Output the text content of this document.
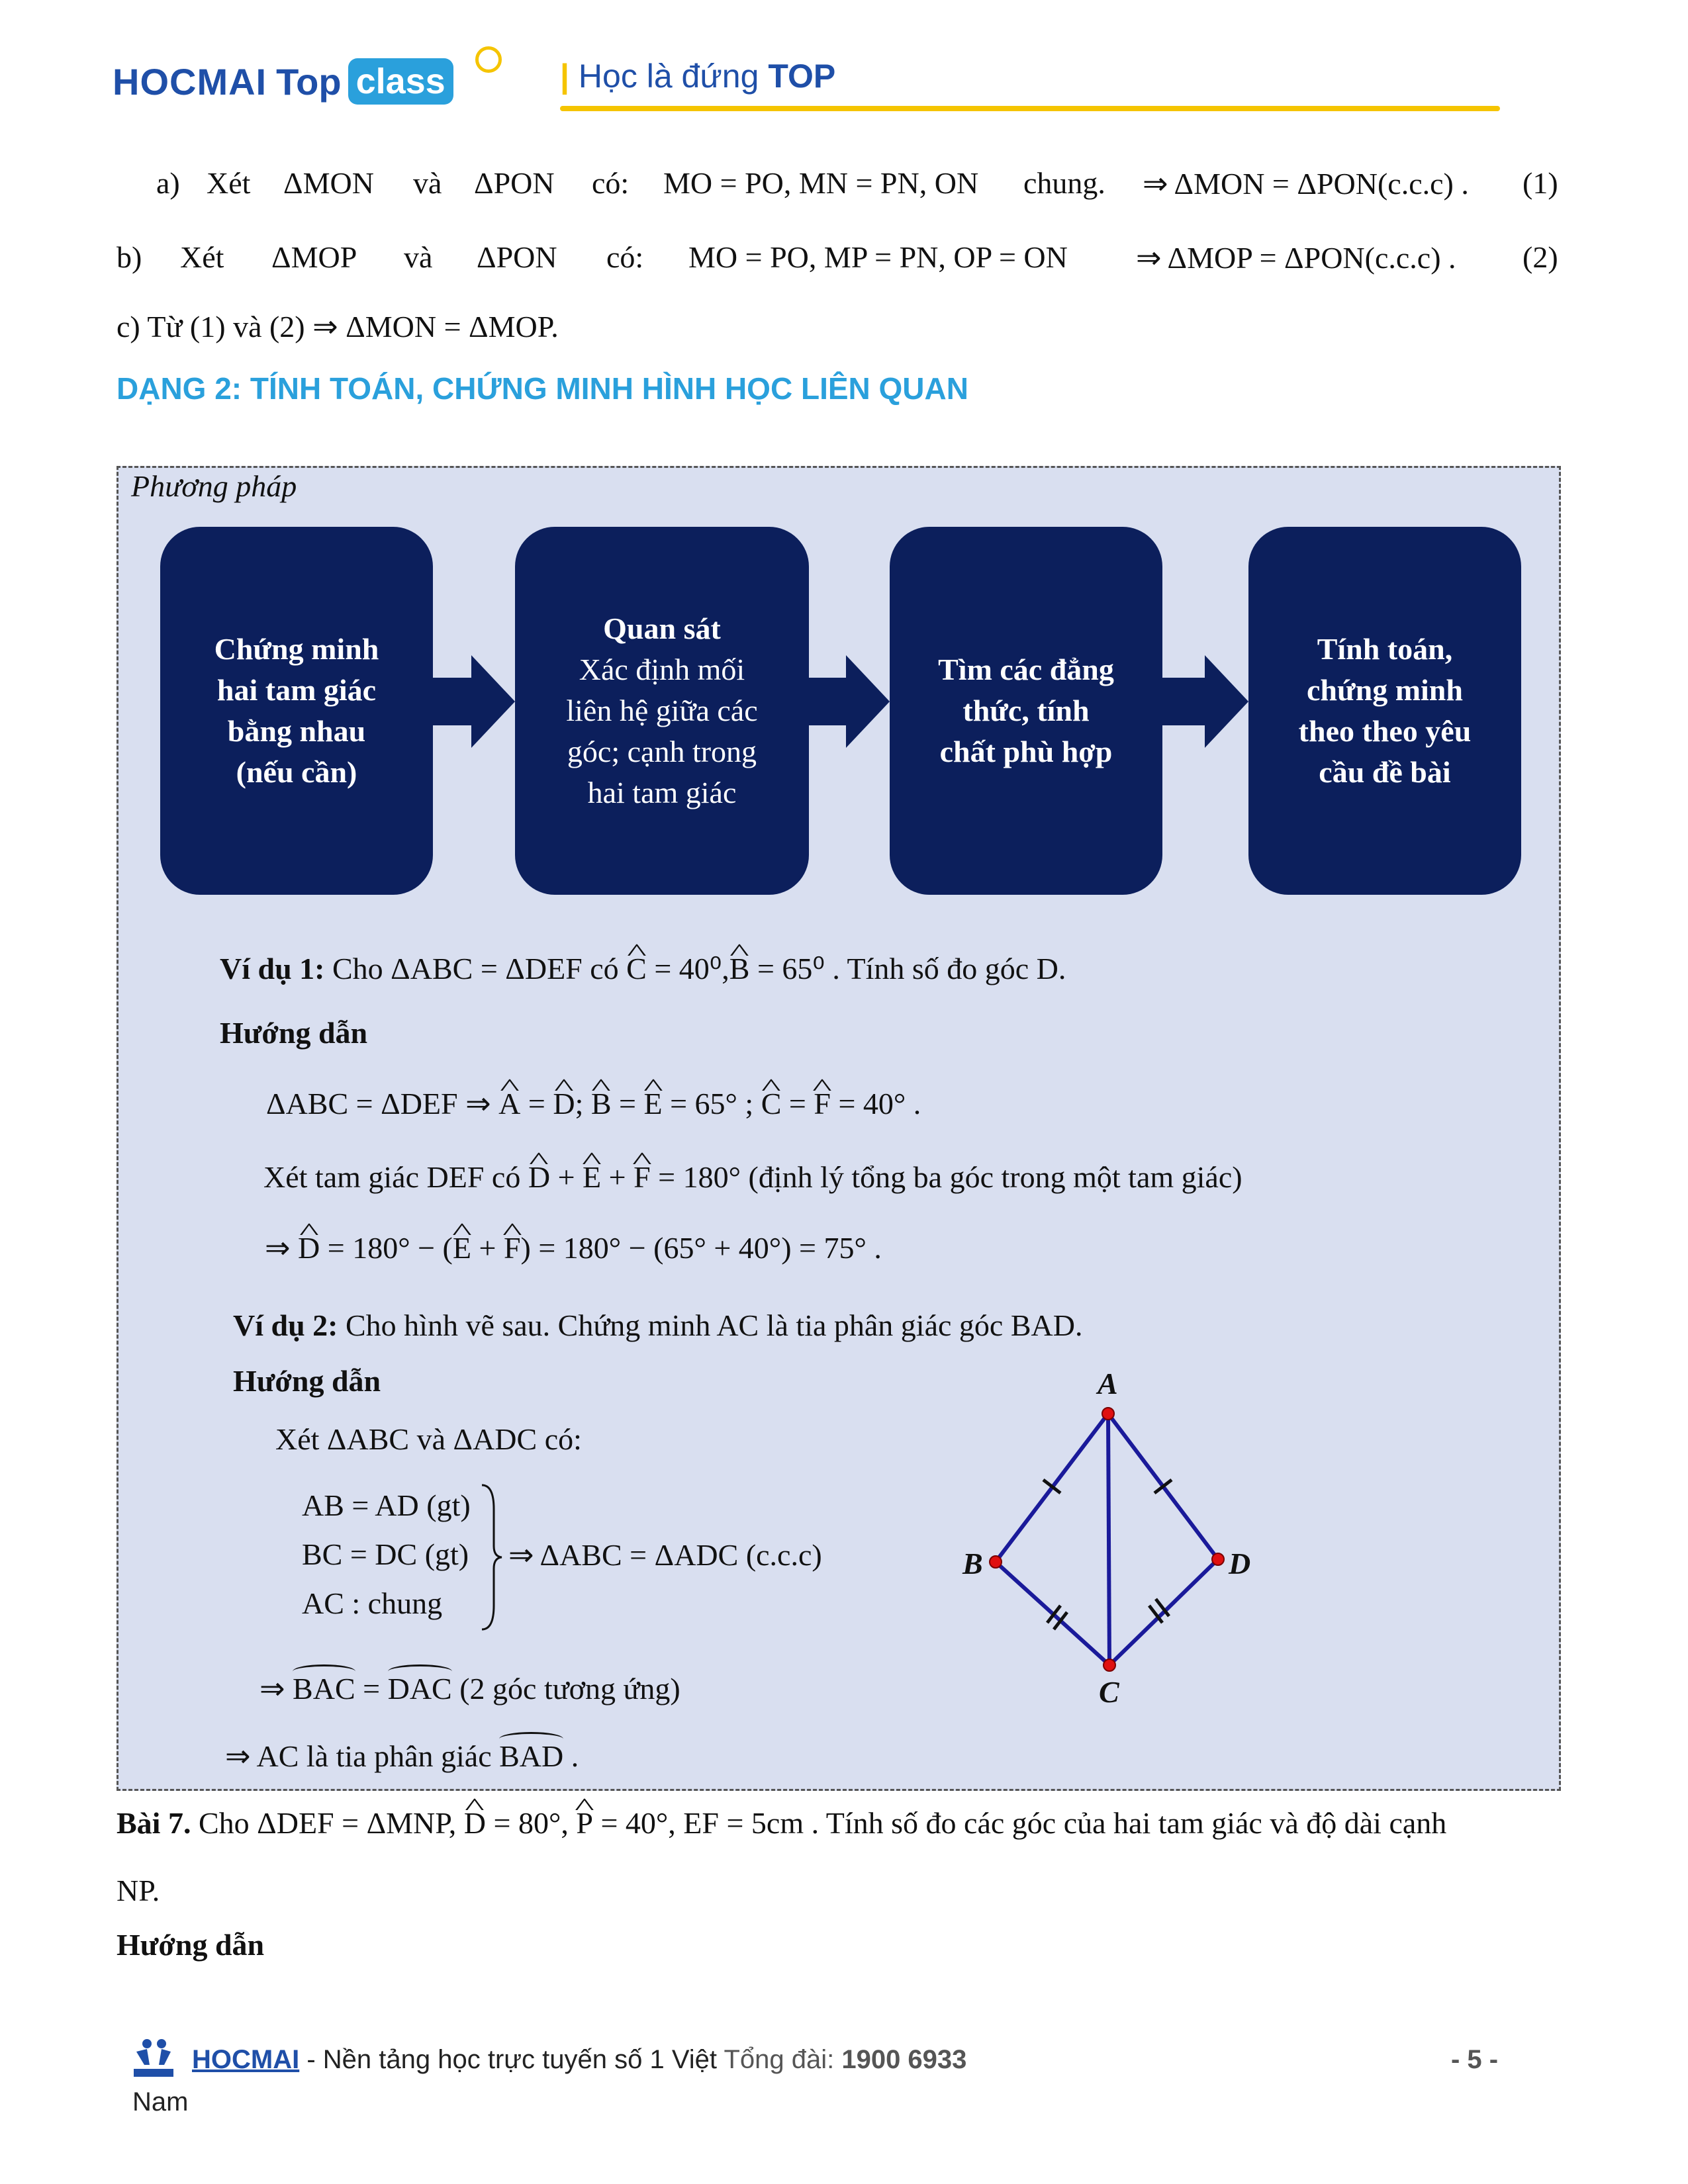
HOCMAI Top class	| Học là đứng TOP
a) Xét ΔMON và ΔPON có: MO = PO, MN = PN, ON chung. ⇒ ΔMON = ΔPON(c.c.c) . (1)
b) Xét ΔMOP và ΔPON có: MO = PO, MP = PN, OP = ON ⇒ ΔMOP = ΔPON(c.c.c) . (2)
c) Từ (1) và (2) ⇒ ΔMON = ΔMOP.
DẠNG 2: TÍNH TOÁN, CHỨNG MINH HÌNH HỌC LIÊN QUAN
Phương pháp
Chứng minh
hai tam giác
bằng nhau
(nếu cần)
Quan sát
Xác định mối
liên hệ giữa các
góc; cạnh trong
hai tam giác
Tìm các đẳng
thức, tính
chất phù hợp
Tính toán,
chứng minh
theo theo yêu
cầu đề bài
Ví dụ 1: Cho ΔABC = ΔDEF có ^ C = 40⁰,^ B = 65⁰ . Tính số đo góc D.
Hướng dẫn
ΔABC = ΔDEF ⇒ ^ A = ^ D; ^ B = ^ E = 65° ; ^ C = ^ F = 40° .
Xét tam giác DEF có ^ D + ^ E + ^ F = 180° (định lý tổng ba góc trong một tam giác)
⇒ ^ D = 180° − (^ E + ^ F) = 180° − (65° + 40°) = 75° .
Ví dụ 2: Cho hình vẽ sau. Chứng minh AC là tia phân giác góc BAD.
Hướng dẫn
Xét ΔABC và ΔADC có:
AB = AD (gt)
BC = DC (gt)
AC : chung
⇒ ΔABC = ΔADC (c.c.c)
⇒ BAC = DAC (2 góc tương ứng)
⇒ AC là tia phân giác BAD .
A
B
C
D
Bài 7. Cho ΔDEF = ΔMNP, ^ D = 80°, ^ P = 40°, EF = 5cm . Tính số đo các góc của hai tam giác và độ dài cạnh
NP.
Hướng dẫn
HOCMAI - Nền tảng học trực tuyến số 1 Việt Tổng đài: 1900 6933	- 5 -
Nam
